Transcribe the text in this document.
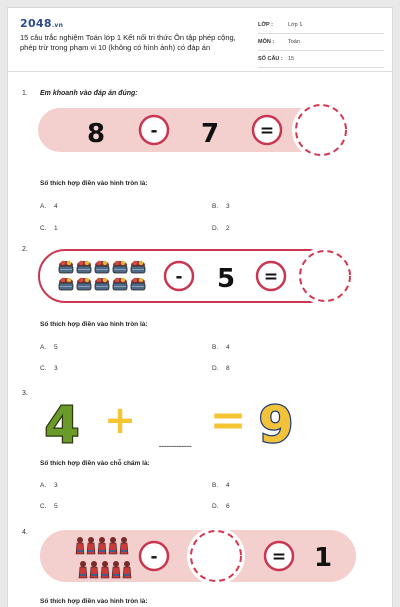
2048.vn
15 câu trắc nghiệm Toán lớp 1 Kết nối tri thức Ôn tập phép cộng, phép trừ trong phạm vi 10 (không có hình ảnh) có đáp án
LỚP :	Lớp 1
MÔN :	Toán
SỐ CÂU : 15
1. Em khoanh vào đáp án đúng:
8	- 7 =
Số thích hợp điền vào hình tròn là:
A. 4	B. 3
C. 1	D. 2
2.
- 5 =
Số thích hợp điền vào hình tròn là:
A. 5	B. 4
C. 3	D. 8
3.
4 +
------------- = 9
Số thích hợp điền vào chỗ chấm là:
A. 3	B. 4
C. 5	D. 6
4.
-	= 1
Số thích hợp điền vào hình tròn là:
